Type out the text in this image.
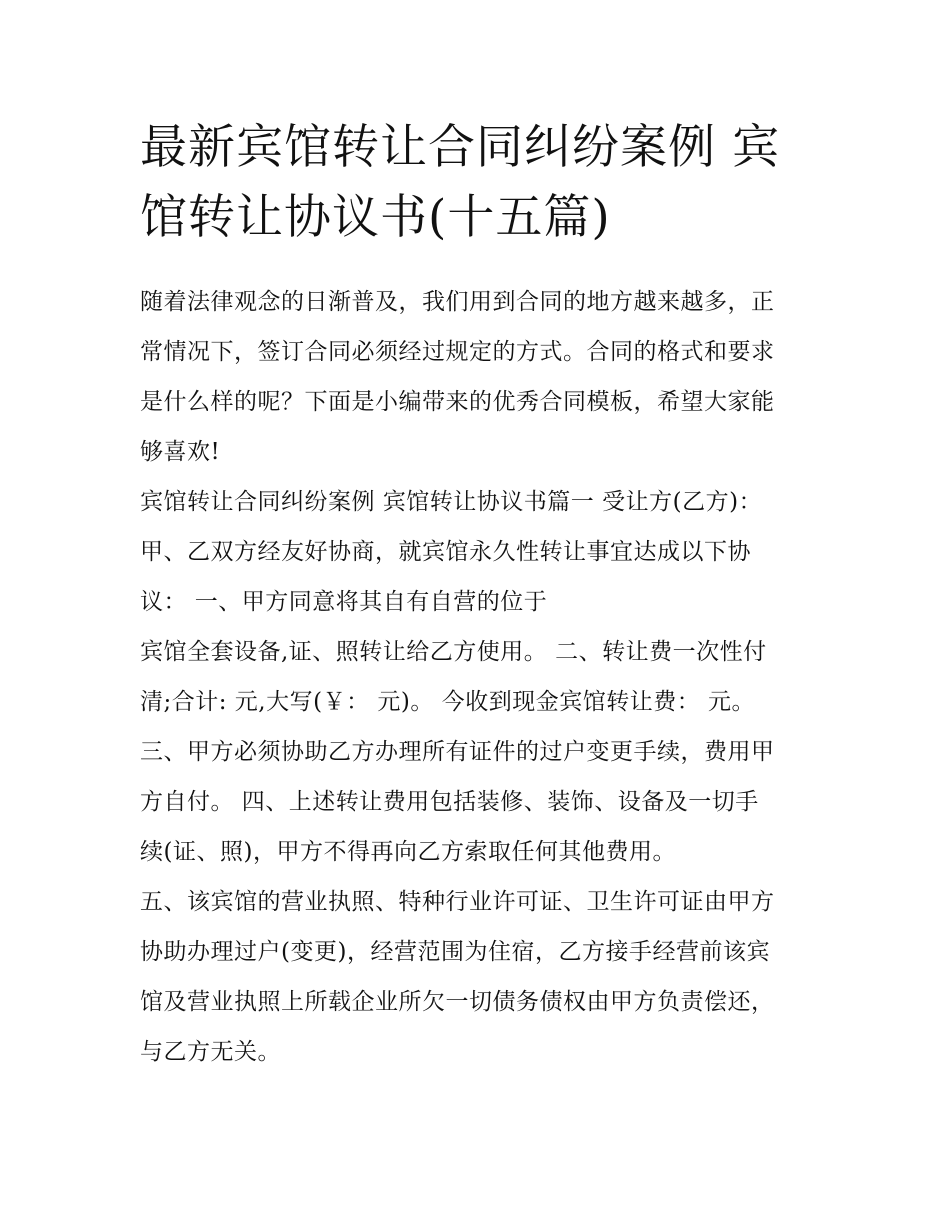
最新宾馆转让合同纠纷案例 宾
馆转让协议书(十五篇)
随着法律观念的日渐普及，我们用到合同的地方越来越多，正
常情况下，签订合同必须经过规定的方式。合同的格式和要求
是什么样的呢？下面是小编带来的优秀合同模板，希望大家能
够喜欢!
宾馆转让合同纠纷案例 宾馆转让协议书篇一 受让方(乙方)：
甲、乙双方经友好协商，就宾馆永久性转让事宜达成以下协
议： 一、甲方同意将其自有自营的位于
宾馆全套设备,证、照转让给乙方使用。 二、转让费一次性付
清;合计: 元,大写(￥： 元)。 今收到现金宾馆转让费： 元。
三、甲方必须协助乙方办理所有证件的过户变更手续，费用甲
方自付。 四、上述转让费用包括装修、装饰、设备及一切手
续(证、照)，甲方不得再向乙方索取任何其他费用。
五、该宾馆的营业执照、特种行业许可证、卫生许可证由甲方
协助办理过户(变更)，经营范围为住宿，乙方接手经营前该宾
馆及营业执照上所载企业所欠一切债务债权由甲方负责偿还，
与乙方无关。
